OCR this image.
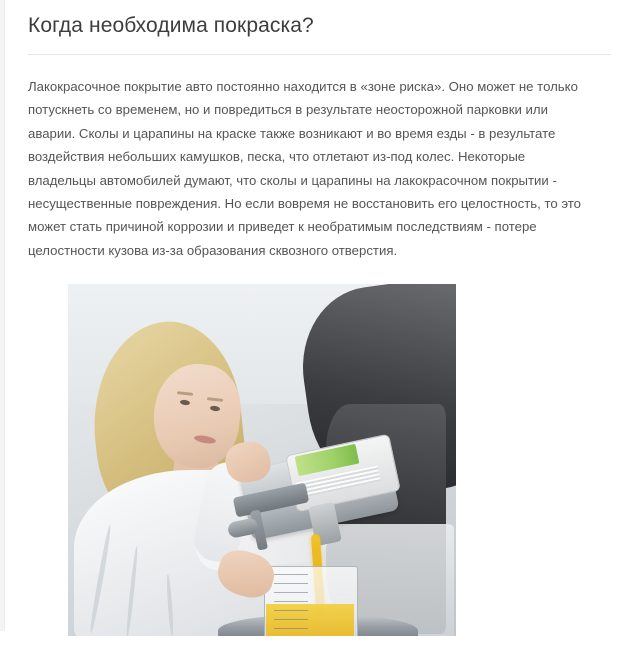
Когда необходима покраска?

Лакокрасочное покрытие авто постоянно находится в «зоне риска». Оно может не только потускнеть со временем, но и повредиться в результате неосторожной парковки или аварии. Сколы и царапины на краске также возникают и во время езды - в результате воздействия небольших камушков, песка, что отлетают из-под колес. Некоторые владельцы автомобилей думают, что сколы и царапины на лакокрасочном покрытии - несущественные повреждения. Но если вовремя не восстановить его целостность, то это может стать причиной коррозии и приведет к необратимым последствиям - потере целостности кузова из-за образования сквозного отверстия.
